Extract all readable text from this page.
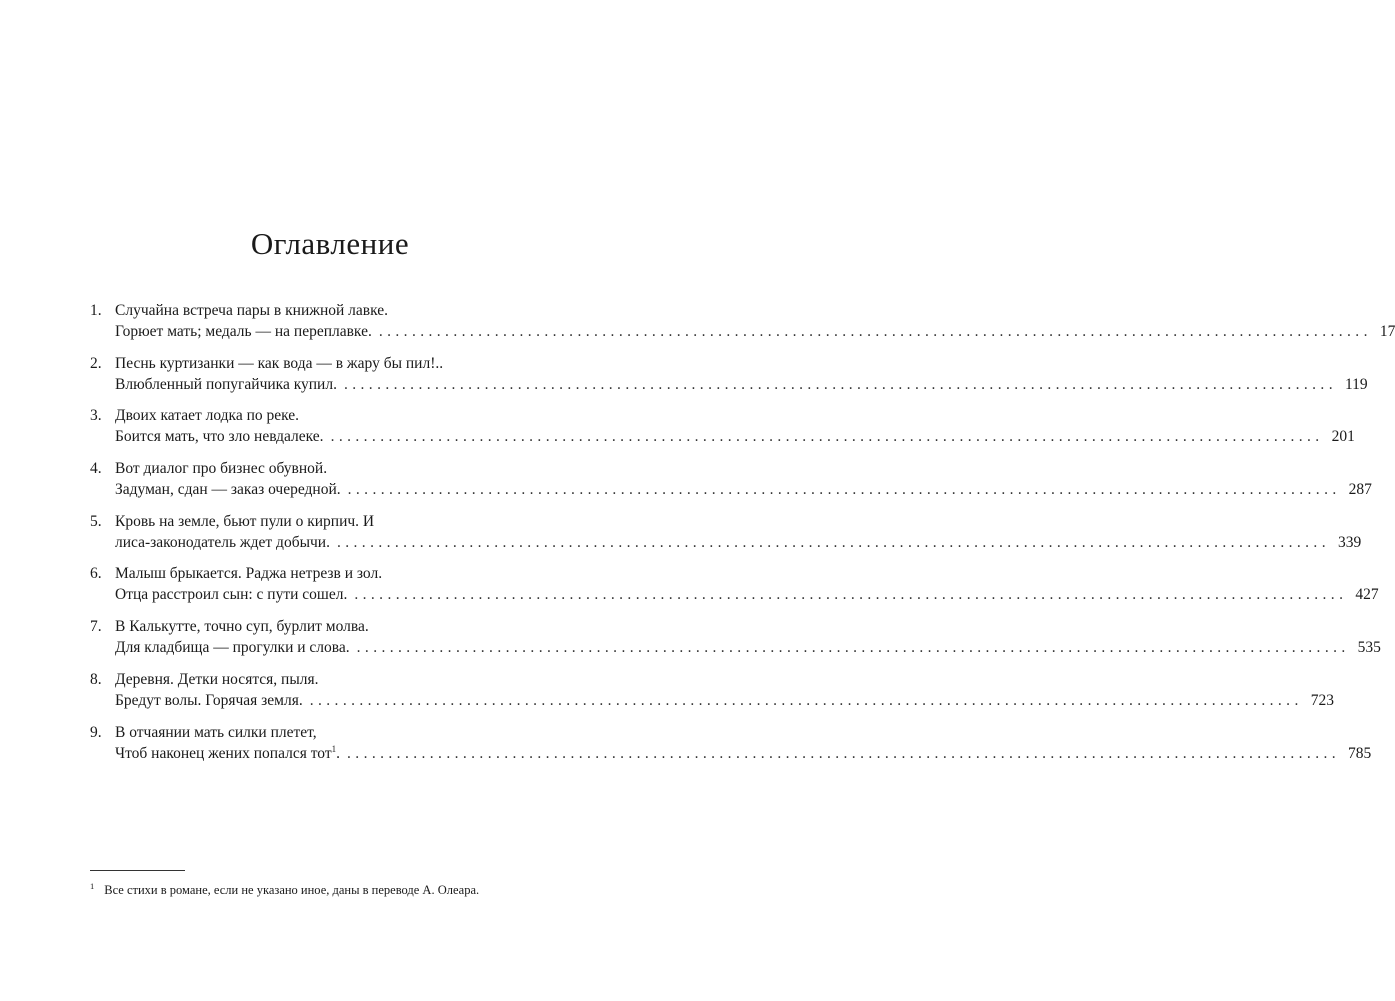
Оглавление
1. Случайна встреча пары в книжной лавке.
Горюет мать; медаль — на переплавке. ........................................................................................................................ 17
2. Песнь куртизанки — как вода — в жару бы пил!..
Влюбленный попугайчика купил. ........................................................................................................................ 119
3. Двоих катает лодка по реке.
Боится мать, что зло невдалеке. ........................................................................................................................ 201
4. Вот диалог про бизнес обувной.
Задуман, сдан — заказ очередной. ........................................................................................................................ 287
5. Кровь на земле, бьют пули о кирпич. И
лиса-законодатель ждет добычи. ........................................................................................................................ 339
6. Малыш брыкается. Раджа нетрезв и зол.
Отца расстроил сын: с пути сошел. ........................................................................................................................ 427
7. В Калькутте, точно суп, бурлит молва.
Для кладбища — прогулки и слова. ........................................................................................................................ 535
8. Деревня. Детки носятся, пыля.
Бредут волы. Горячая земля. ........................................................................................................................ 723
9. В отчаянии мать силки плетет,
Чтоб наконец жених попался тот$^1$. ........................................................................................................................ 785
$^1$ Все стихи в романе, если не указано иное, даны в переводе А. Олеара.
